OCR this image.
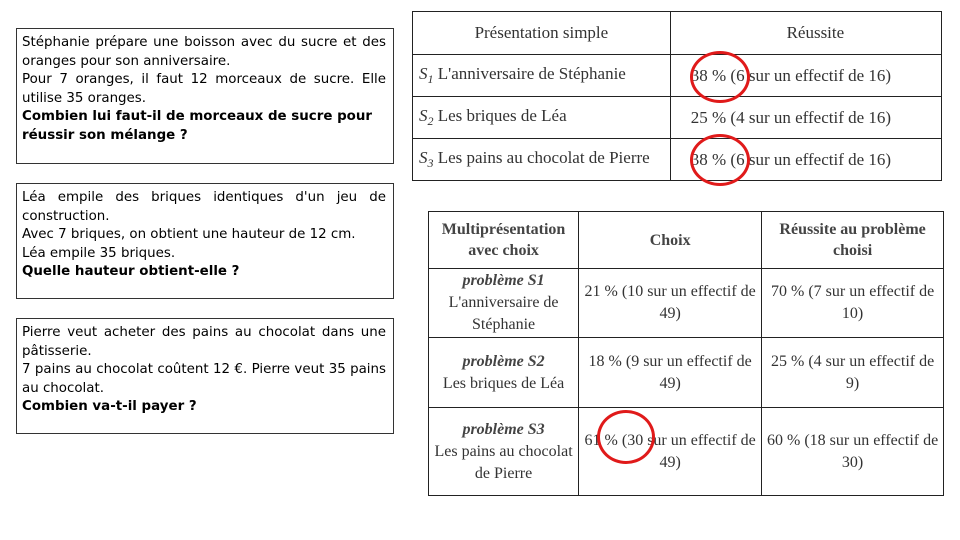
Stéphanie prépare une boisson avec du sucre et des oranges pour son anniversaire.

Pour 7 oranges, il faut 12 morceaux de sucre. Elle utilise 35 oranges.

Combien lui faut-il de morceaux de sucre pour réussir son mélange ?

Léa empile des briques identiques d'un jeu de construction.

Avec 7 briques, on obtient une hauteur de 12 cm.

Léa empile 35 briques.

Quelle hauteur obtient-elle ?

Pierre veut acheter des pains au chocolat dans une pâtisserie.

7 pains au chocolat coûtent 12 €. Pierre veut 35 pains au chocolat.

Combien va-t-il payer ?

Présentation simple	Réussite
$S_1$ L'anniversaire de Stéphanie	38 % (6 sur un effectif de 16)
$S_2$ Les briques de Léa	25 % (4 sur un effectif de 16)
$S_3$ Les pains au chocolat de Pierre	38 % (6 sur un effectif de 16)
Multiprésentation avec choix	Choix	Réussite au problème choisi

problème S1
L'anniversaire de Stéphanie	21 % (10 sur un effectif de 49)	70 % (7 sur un effectif de 10)

problème S2
Les briques de Léa	18 % (9 sur un effectif de 49)	25 % (4 sur un effectif de 9)

problème S3
Les pains au chocolat de Pierre	61 % (30 sur un effectif de 49)	60 % (18 sur un effectif de 30)
